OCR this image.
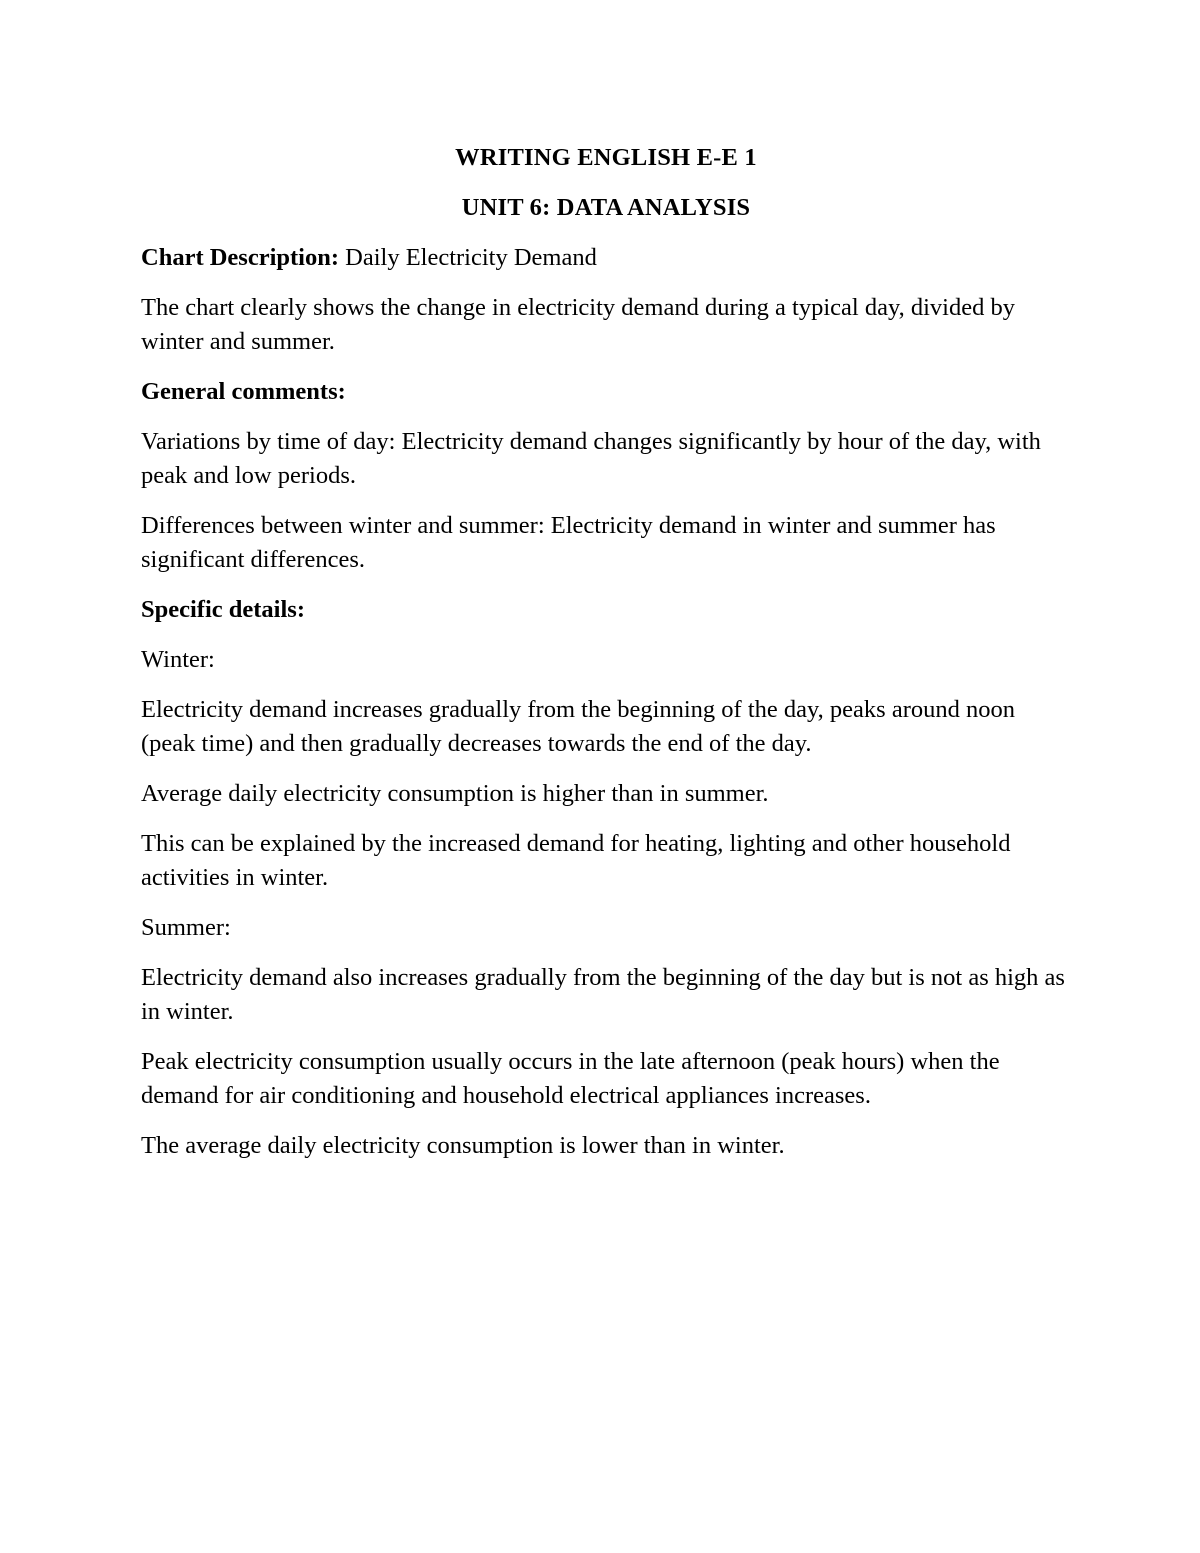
WRITING ENGLISH E-E 1
UNIT 6: DATA ANALYSIS
Chart Description: Daily Electricity Demand
The chart clearly shows the change in electricity demand during a typical day, divided by winter and summer.
General comments:
Variations by time of day: Electricity demand changes significantly by hour of the day, with peak and low periods.
Differences between winter and summer: Electricity demand in winter and summer has significant differences.
Specific details:
Winter:
Electricity demand increases gradually from the beginning of the day, peaks around noon (peak time) and then gradually decreases towards the end of the day.
Average daily electricity consumption is higher than in summer.
This can be explained by the increased demand for heating, lighting and other household activities in winter.
Summer:
Electricity demand also increases gradually from the beginning of the day but is not as high as in winter.
Peak electricity consumption usually occurs in the late afternoon (peak hours) when the demand for air conditioning and household electrical appliances increases.
The average daily electricity consumption is lower than in winter.
